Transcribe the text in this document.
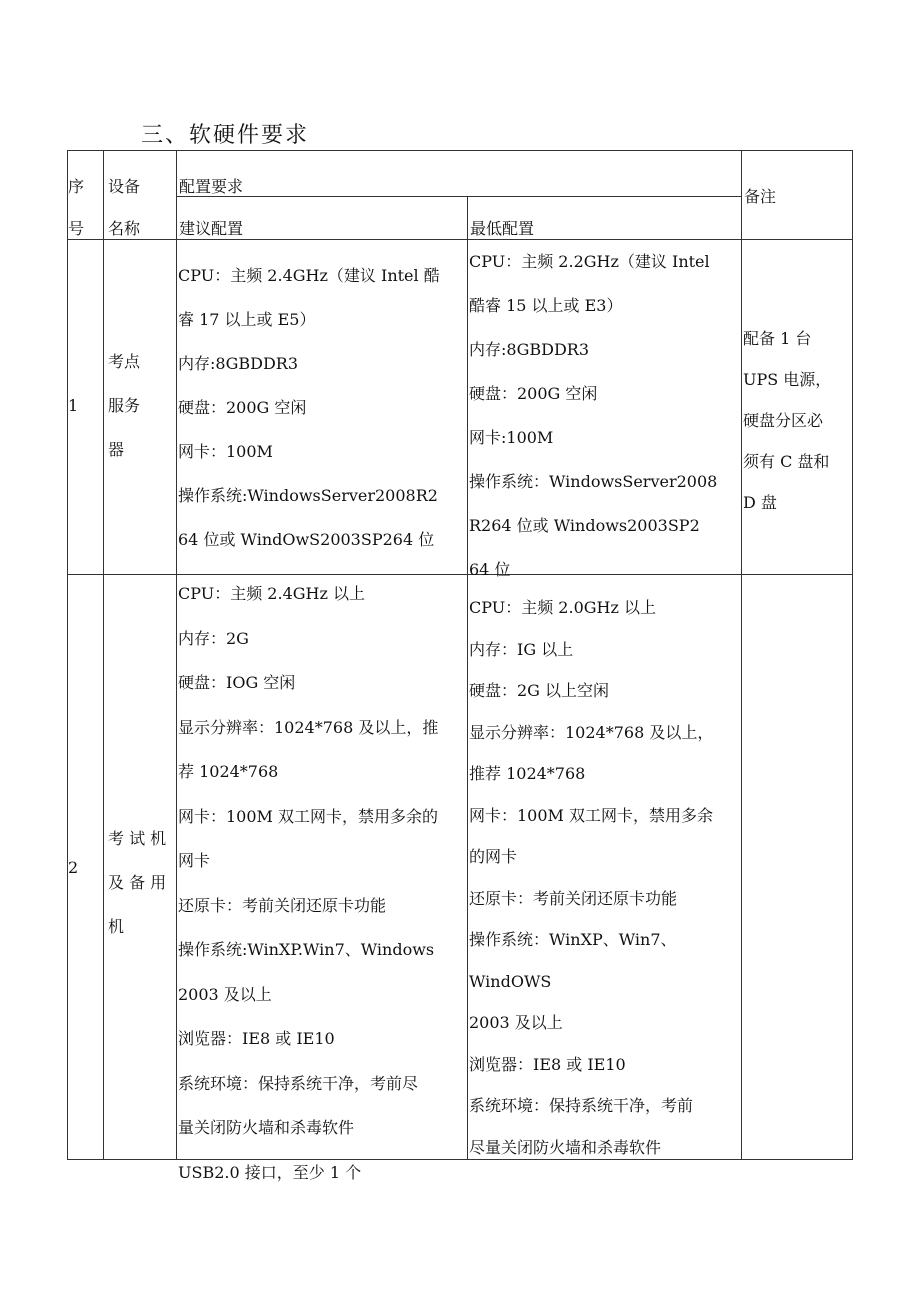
三、软硬件要求
序
号
设备
名称
配置要求
建议配置	最低配置
备注
1
考点
服务
器
CPU：主频 2.4GHz（建议 Intel 酷
睿 17 以上或 E5）
内存:8GBDDR3
硬盘：200G 空闲
网卡：100M
操作系统:WindowsServer2008R2
64 位或 WindOwS2003SP264 位
CPU：主频 2.2GHz（建议 Intel
酷睿 15 以上或 E3）
内存:8GBDDR3
硬盘：200G 空闲
网卡:100M
操作系统：WindowsServer2008
R264 位或 Windows2003SP2
64 位
配备 1 台
UPS 电源，
硬盘分区必
须有 C 盘和
D 盘
2
考 试 机
及 备 用
机
CPU：主频 2.4GHz 以上
内存：2G
硬盘：IOG 空闲
显示分辨率：1024*768 及以上，推
荐 1024*768
网卡：100M 双工网卡，禁用多余的
网卡
还原卡：考前关闭还原卡功能
操作系统:WinXP.Win7、Windows
2003 及以上
浏览器：IE8 或 IE10
系统环境：保持系统干净，考前尽
量关闭防火墙和杀毒软件
USB2.0 接口，至少 1 个
CPU：主频 2.0GHz 以上
内存：IG 以上
硬盘：2G 以上空闲
显示分辨率：1024*768 及以上，
推荐 1024*768
网卡：100M 双工网卡，禁用多余
的网卡
还原卡：考前关闭还原卡功能
操作系统：WinXP、Win7、
WindOWS
2003 及以上
浏览器：IE8 或 IE10
系统环境：保持系统干净，考前
尽量关闭防火墙和杀毒软件
